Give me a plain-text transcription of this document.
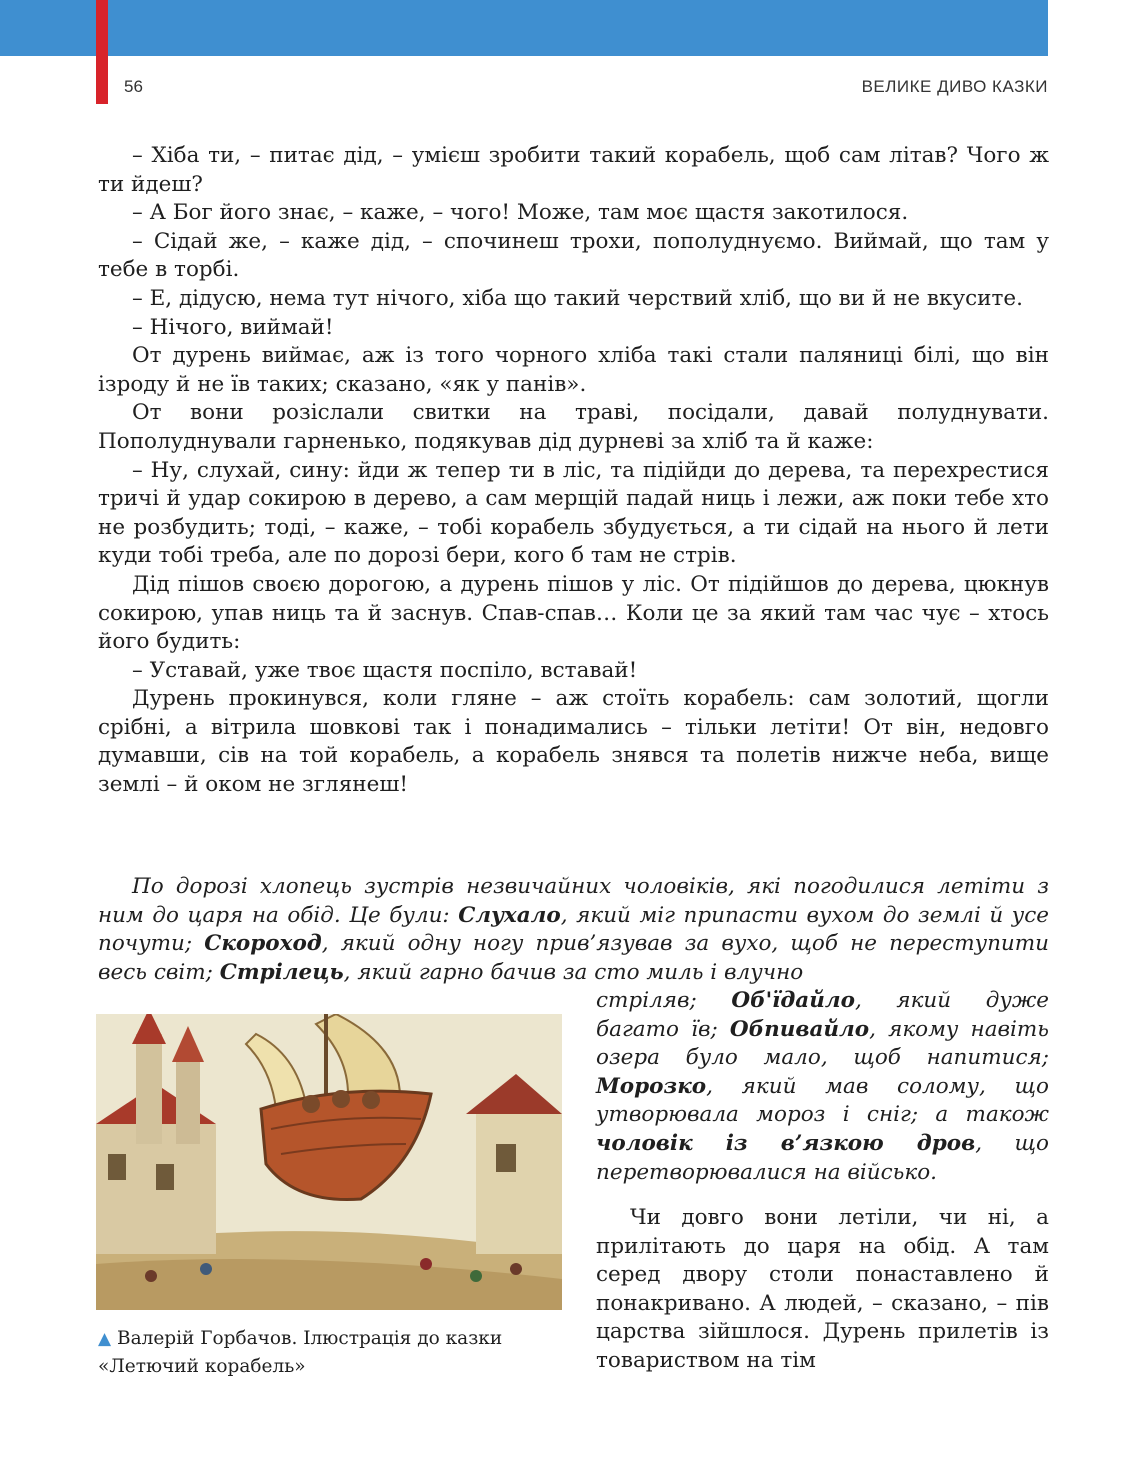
56	ВЕЛИКЕ ДИВО КАЗКИ

– Хіба ти, – питає дід, – умієш зробити такий корабель, щоб сам літав? Чого ж ти йдеш?

– А Бог його знає, – каже, – чого! Може, там моє щастя закотилося.

– Сідай же, – каже дід, – спочинеш трохи, пополуднуємо. Виймай, що там у тебе в торбі.

– Е, дідусю, нема тут нічого, хіба що такий черствий хліб, що ви й не вкусите.

– Нічого, виймай!

От дурень виймає, аж із того чорного хліба такі стали паляниці білі, що він ізроду й не їв таких; сказано, «як у панів».

От вони розіслали свитки на траві, посідали, давай полуднувати. Пополуднували гарненько, подякував дід дурневі за хліб та й каже:

– Ну, слухай, сину: йди ж тепер ти в ліс, та підійди до дерева, та перехрестися тричі й удар сокирою в дерево, а сам мерщій падай ниць і лежи, аж поки тебе хто не розбудить; тоді, – каже, – тобі корабель збудується, а ти сідай на нього й лети куди тобі треба, але по дорозі бери, кого б там не стрів.

Дід пішов своєю дорогою, а дурень пішов у ліс. От підійшов до дерева, цюкнув сокирою, упав ниць та й заснув. Спав-спав… Коли це за який там час чує – хтось його будить:

– Уставай, уже твоє щастя поспіло, вставай!

Дурень прокинувся, коли гляне – аж стоїть корабель: сам золотий, щогли срібні, а вітрила шовкові так і понадимались – тільки летіти! От він, недовго думавши, сів на той корабель, а корабель знявся та полетів нижче неба, вище землі – й оком не зглянеш!

По дорозі хлопець зустрів незвичайних чоловіків, які погодилися летіти з ним до царя на обід. Це були: Слухало, який міг припасти вухом до землі й усе почути; Скороход, який одну ногу прив’язував за вухо, щоб не переступити весь світ; Стрілець, який гарно бачив за сто миль і влучно

стріляв; Об'їдайло, який дуже багато їв; Обпивайло, якому навіть озера було мало, щоб напитися; Морозко, який мав солому, що утворювала мороз і сніг; а також чоловік із в’язкою дров, що перетворювалися на військо.

Чи довго вони летіли, чи ні, а прилітають до царя на обід. А там серед двору столи понаставлено й понакривано. А людей, – сказано, – пів царства зійшлося. Дурень прилетів із товариством на тім

▲ Валерій Горбачов. Ілюстрація до казки
«Летючий корабель»
